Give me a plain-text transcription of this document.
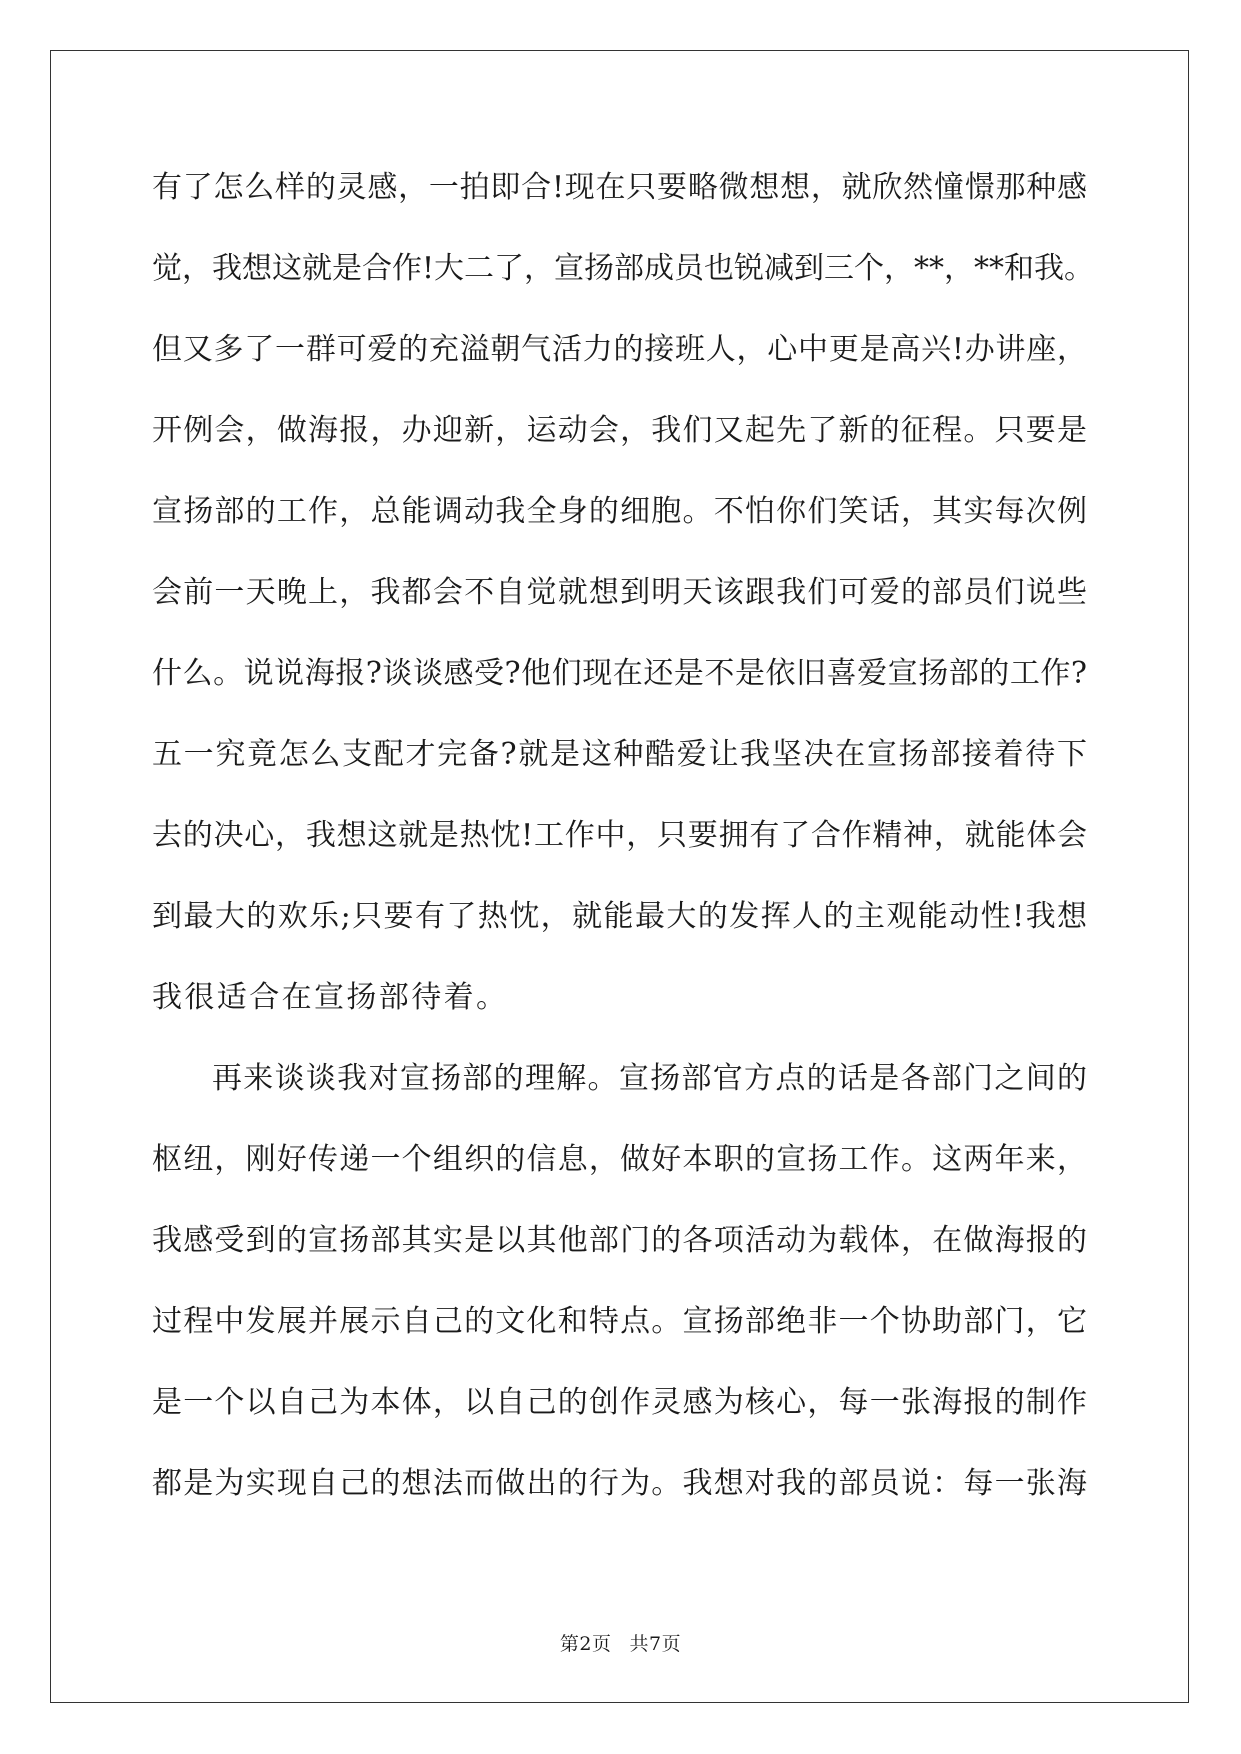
有了怎么样的灵感，一拍即合!现在只要略微想想，就欣然憧憬那种感
觉，我想这就是合作!大二了，宣扬部成员也锐减到三个，**，**和我。
但又多了一群可爱的充溢朝气活力的接班人，心中更是高兴!办讲座，
开例会，做海报，办迎新，运动会，我们又起先了新的征程。只要是
宣扬部的工作，总能调动我全身的细胞。不怕你们笑话，其实每次例
会前一天晚上，我都会不自觉就想到明天该跟我们可爱的部员们说些
什么。说说海报?谈谈感受?他们现在还是不是依旧喜爱宣扬部的工作?
五一究竟怎么支配才完备?就是这种酷爱让我坚决在宣扬部接着待下
去的决心，我想这就是热忱!工作中，只要拥有了合作精神，就能体会
到最大的欢乐;只要有了热忱，就能最大的发挥人的主观能动性!我想
我很适合在宣扬部待着。
再来谈谈我对宣扬部的理解。宣扬部官方点的话是各部门之间的
枢纽，刚好传递一个组织的信息，做好本职的宣扬工作。这两年来，
我感受到的宣扬部其实是以其他部门的各项活动为载体，在做海报的
过程中发展并展示自己的文化和特点。宣扬部绝非一个协助部门，它
是一个以自己为本体，以自己的创作灵感为核心，每一张海报的制作
都是为实现自己的想法而做出的行为。我想对我的部员说：每一张海
第2页 共7页
